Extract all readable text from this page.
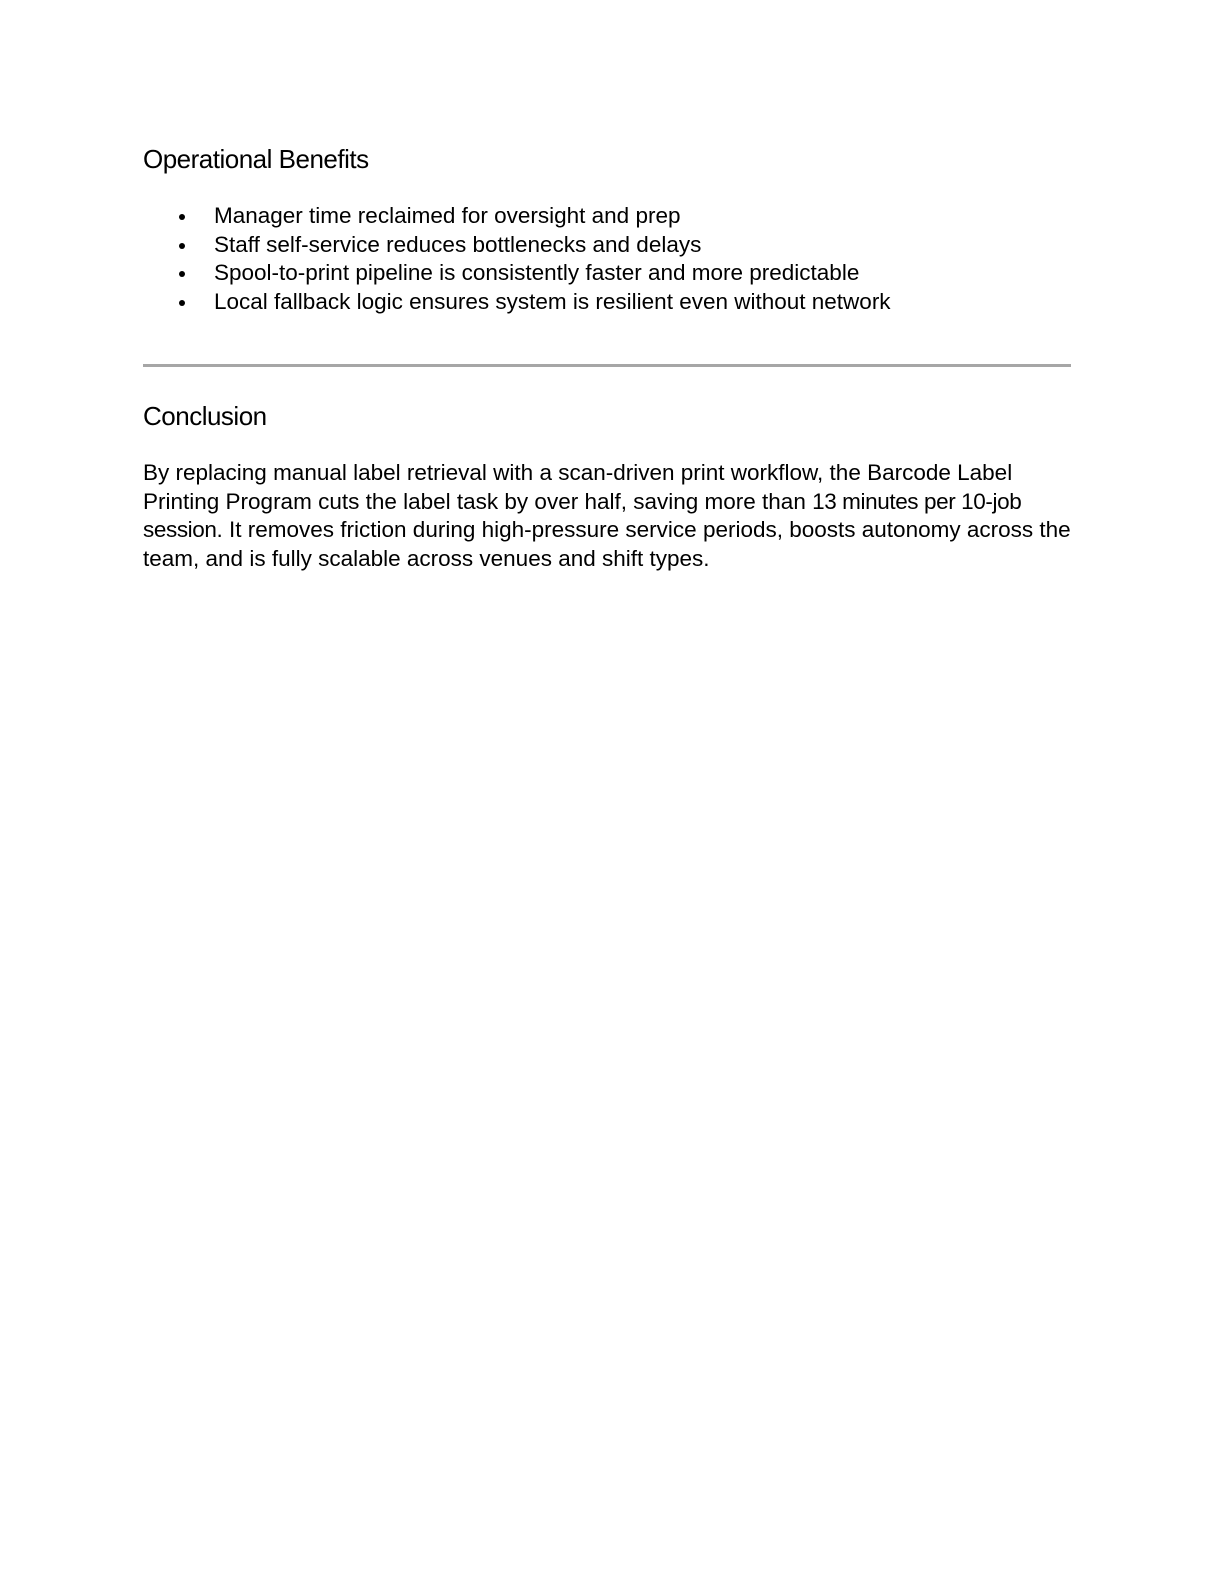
Operational Benefits
Manager time reclaimed for oversight and prep
Staff self-service reduces bottlenecks and delays
Spool-to-print pipeline is consistently faster and more predictable
Local fallback logic ensures system is resilient even without network
Conclusion

By replacing manual label retrieval with a scan-driven print workflow, the Barcode Label Printing Program cuts the label task by over half, saving more than 13 minutes per 10-job session. It removes friction during high-pressure service periods, boosts autonomy across the team, and is fully scalable across venues and shift types.
